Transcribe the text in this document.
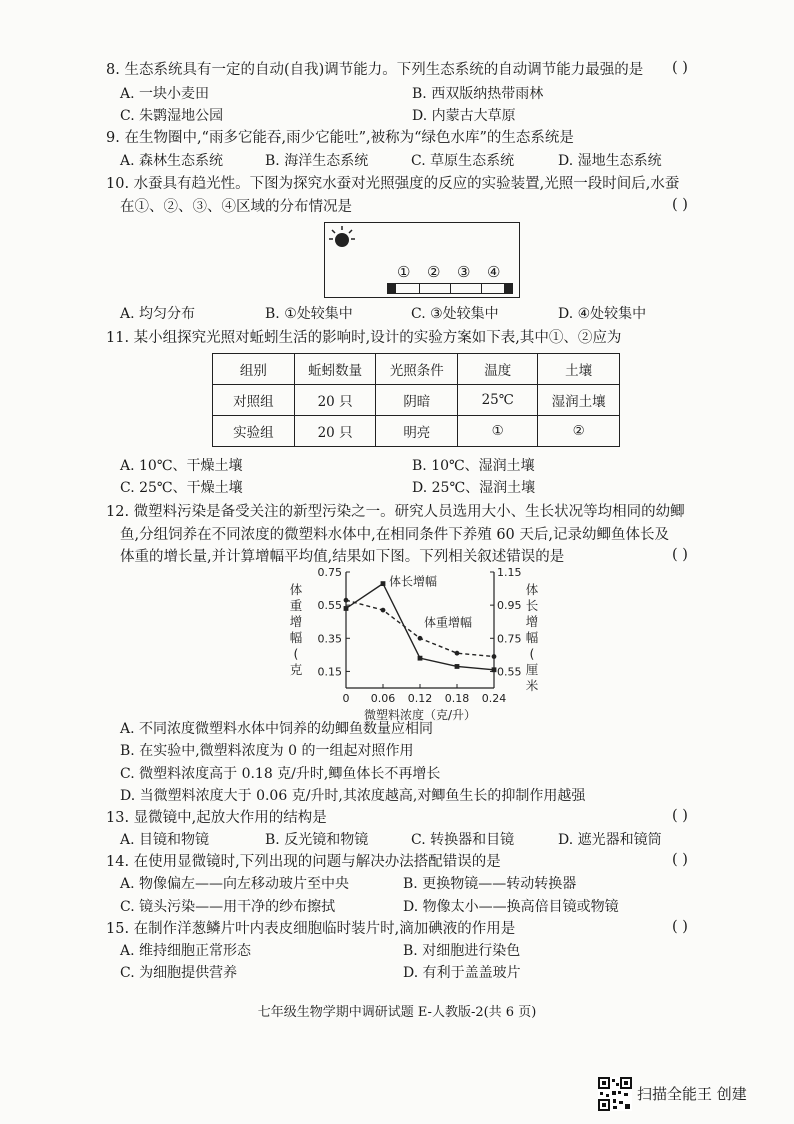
8. 生态系统具有一定的自动(自我)调节能力。下列生态系统的自动调节能力最强的是 ( )
A. 一块小麦田	B. 西双版纳热带雨林
C. 朱鹮湿地公园	D. 内蒙古大草原
9. 在生物圈中,“雨多它能吞,雨少它能吐”,被称为“绿色水库”的生态系统是
A. 森林生态系统	B. 海洋生态系统	C. 草原生态系统	D. 湿地生态系统
10. 水蚕具有趋光性。下图为探究水蚕对光照强度的反应的实验装置,光照一段时间后,水蚕
在①、②、③、④区域的分布情况是	( )
① ② ③ ④
A. 均匀分布	B. ①处较集中	C. ③处较集中	D. ④处较集中
11. 某小组探究光照对蚯蚓生活的影响时,设计的实验方案如下表,其中①、②应为
组别	蚯蚓数量	光照条件	温度	土壤
对照组	20 只	阴暗	25℃	湿润土壤
实验组	20 只	明亮	①	②
A. 10℃、干燥土壤	B. 10℃、湿润土壤
C. 25℃、干燥土壤	D. 25℃、湿润土壤
12. 微塑料污染是备受关注的新型污染之一。研究人员选用大小、生长状况等均相同的幼鲫
鱼,分组饲养在不同浓度的微塑料水体中,在相同条件下养殖 60 天后,记录幼鲫鱼体长及
体重的增长量,并计算增幅平均值,结果如下图。下列相关叙述错误的是	( )
0.75
0.55
0.35
0.15
1.15
0.95
0.75
0.55
0 0.06 0.12 0.18 0.24
体长增幅
体重增幅
体重增幅(克
体长增幅(厘米
微塑料浓度（克/升）
A. 不同浓度微塑料水体中饲养的幼鲫鱼数量应相同
B. 在实验中,微塑料浓度为 0 的一组起对照作用
C. 微塑料浓度高于 0.18 克/升时,鲫鱼体长不再增长
D. 当微塑料浓度大于 0.06 克/升时,其浓度越高,对鲫鱼生长的抑制作用越强
13. 显微镜中,起放大作用的结构是	( )
A. 目镜和物镜	B. 反光镜和物镜	C. 转换器和目镜	D. 遮光器和镜筒
14. 在使用显微镜时,下列出现的问题与解决办法搭配错误的是	( )
A. 物像偏左——向左移动玻片至中央	B. 更换物镜——转动转换器
C. 镜头污染——用干净的纱布擦拭	D. 物像太小——换高倍目镜或物镜
15. 在制作洋葱鳞片叶内表皮细胞临时装片时,滴加碘液的作用是	( )
A. 维持细胞正常形态	B. 对细胞进行染色
C. 为细胞提供营养	D. 有利于盖盖玻片
七年级生物学期中调研试题 E-人教版-2(共 6 页)
扫描全能王 创建
